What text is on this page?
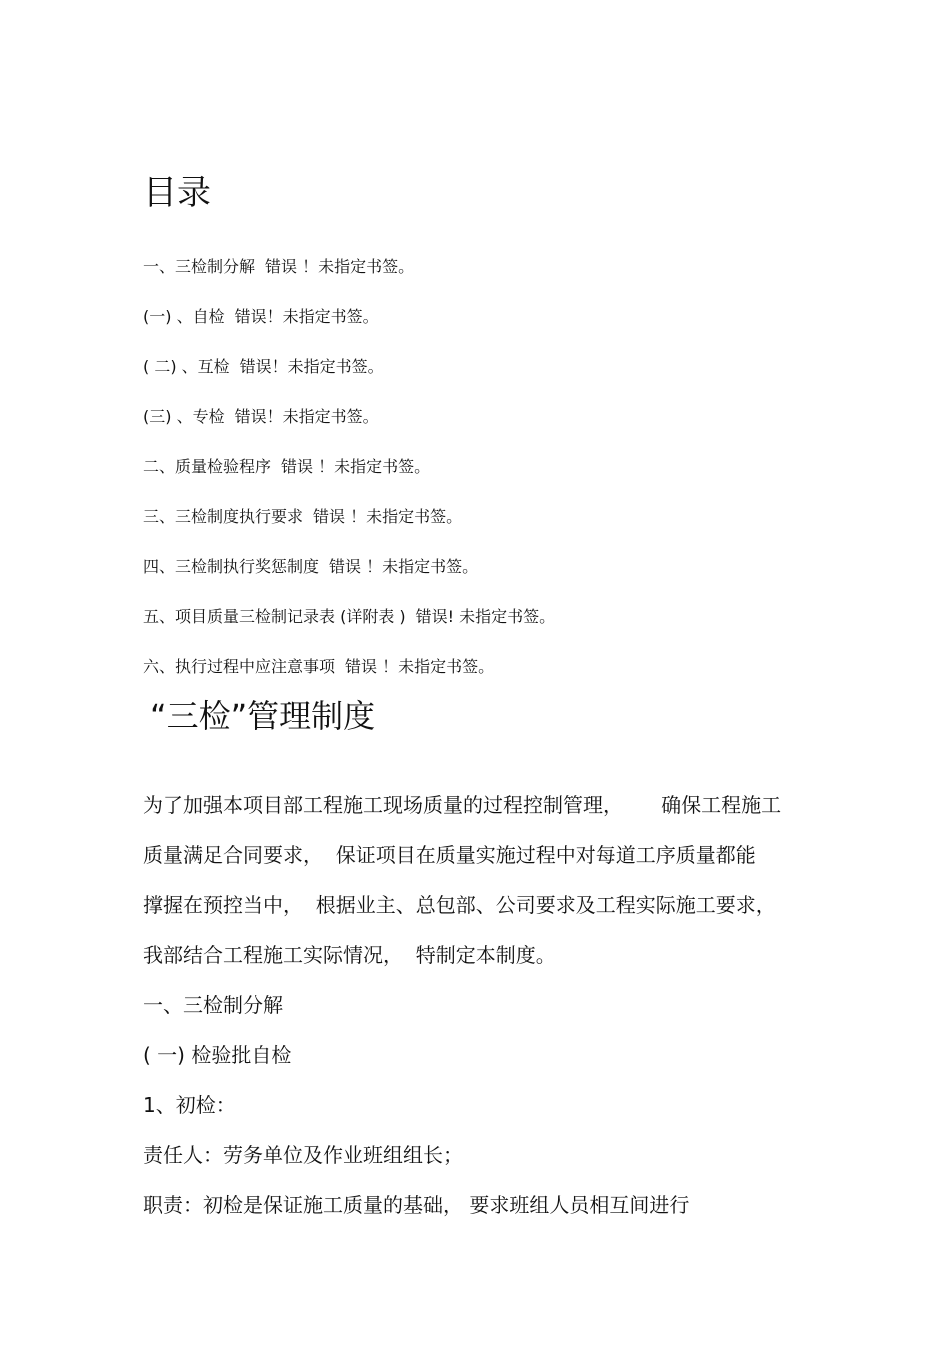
目录
一、三检制分解 错误 ！未指定书签。
(一) 、自检 错误！未指定书签。
( 二) 、互检 错误！未指定书签。
(三) 、专检 错误！未指定书签。
二、质量检验程序 错误 ！未指定书签。
三、三检制度执行要求 错误 ！未指定书签。
四、三检制执行奖惩制度 错误 ！未指定书签。
五、项目质量三检制记录表 (详附表 ) 错误! 未指定书签。
六、执行过程中应注意事项 错误 ！未指定书签。
“三检”管理制度
为了加强本项目部工程施工现场质量的过程控制管理，      确保工程施工
质量满足合同要求，  保证项目在质量实施过程中对每道工序质量都能
撑握在预控当中，  根据业主、总包部、公司要求及工程实际施工要求，
我部结合工程施工实际情况，  特制定本制度。
一、三检制分解
( 一) 检验批自检
1、初检：
责任人：劳务单位及作业班组组长；
职责：初检是保证施工质量的基础， 要求班组人员相互间进行
